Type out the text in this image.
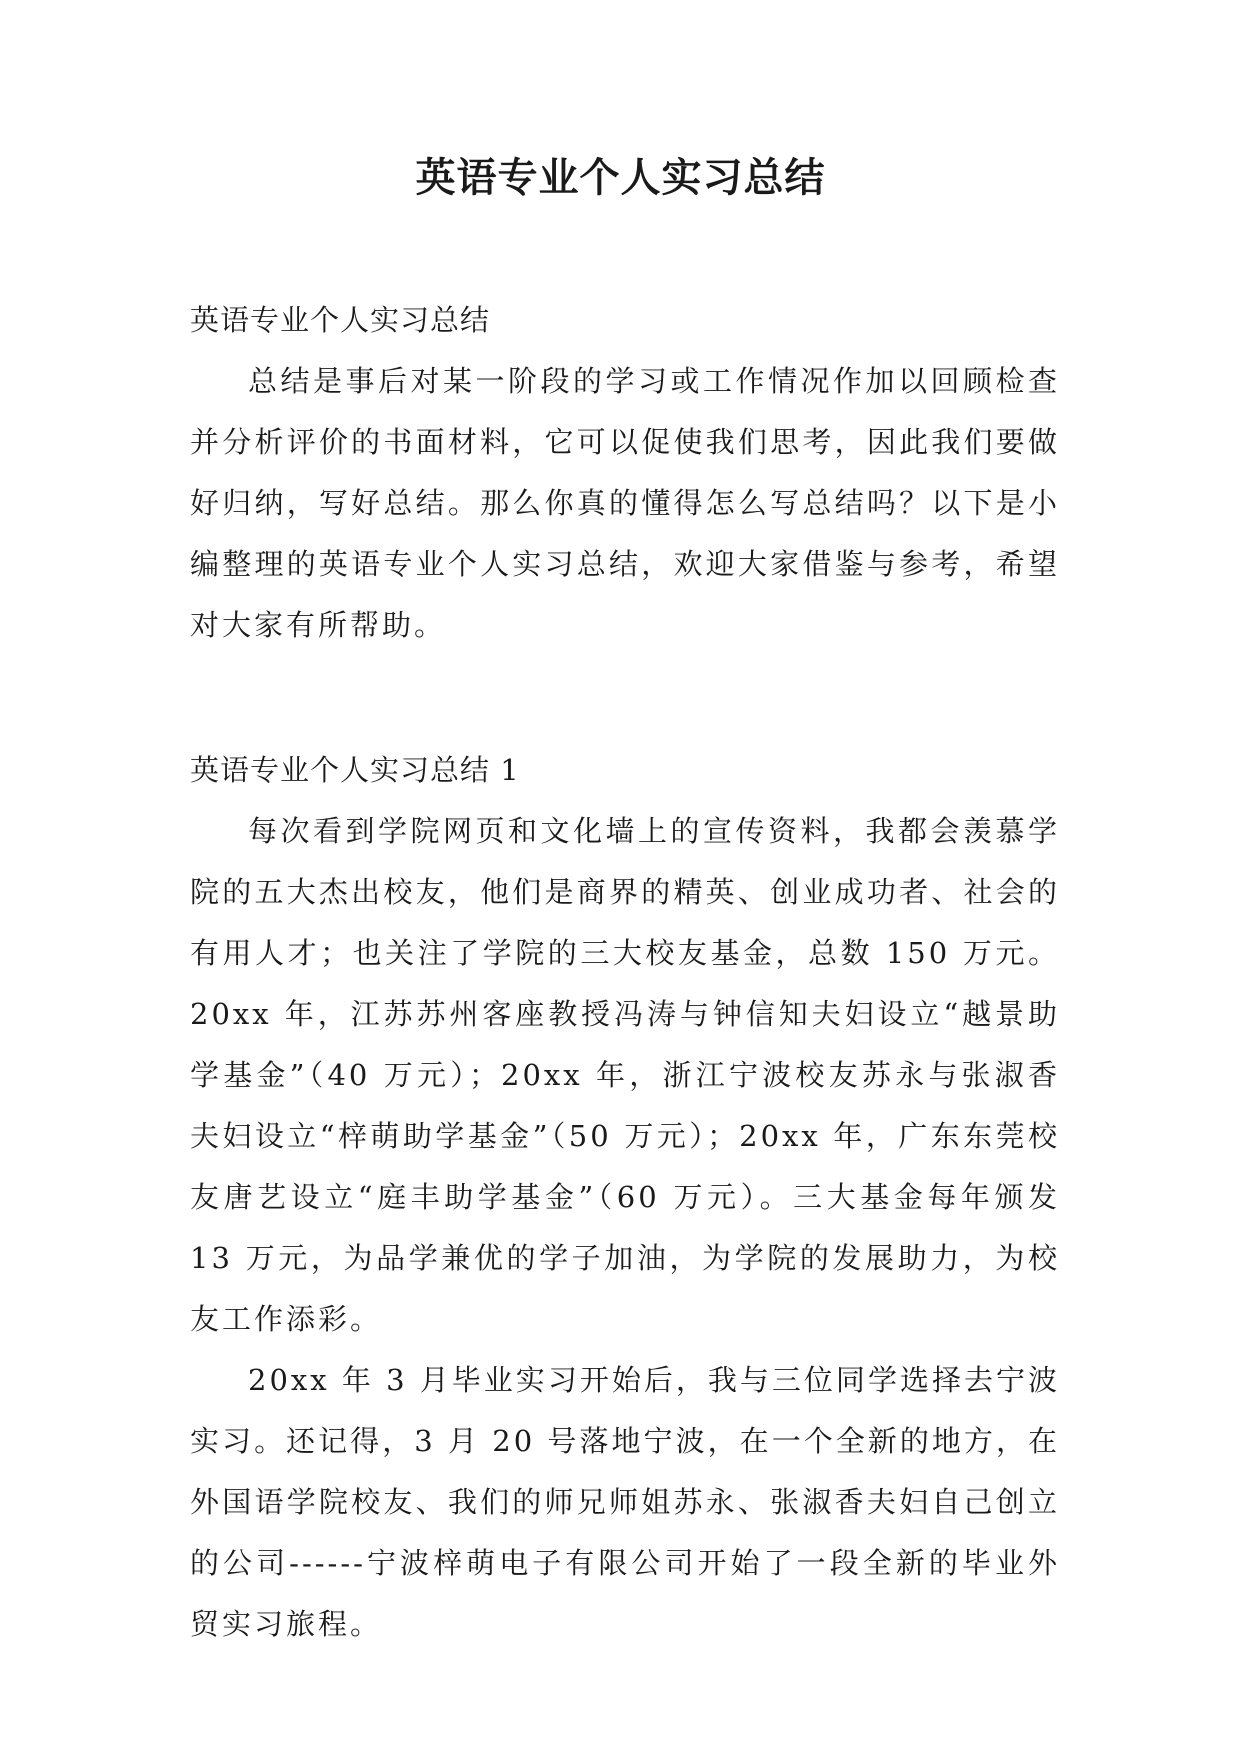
英语专业个人实习总结

英语专业个人实习总结

总结是事后对某一阶段的学习或工作情况作加以回顾检查并分析评价的书面材料，它可以促使我们思考，因此我们要做好归纳，写好总结。那么你真的懂得怎么写总结吗？以下是小编整理的英语专业个人实习总结，欢迎大家借鉴与参考，希望对大家有所帮助。

英语专业个人实习总结 1

每次看到学院网页和文化墙上的宣传资料，我都会羡慕学院的五大杰出校友，他们是商界的精英、创业成功者、社会的有用人才；也关注了学院的三大校友基金，总数 150 万元。20xx 年，江苏苏州客座教授冯涛与钟信知夫妇设立“越景助学基金”（40 万元）；20xx 年，浙江宁波校友苏永与张淑香夫妇设立“梓萌助学基金”（50 万元）；20xx 年，广东东莞校友唐艺设立“庭丰助学基金”（60 万元）。三大基金每年颁发 13 万元，为品学兼优的学子加油，为学院的发展助力，为校友工作添彩。

20xx 年 3 月毕业实习开始后，我与三位同学选择去宁波实习。还记得，3 月 20 号落地宁波，在一个全新的地方，在外国语学院校友、我们的师兄师姐苏永、张淑香夫妇自己创立的公司------宁波梓萌电子有限公司开始了一段全新的毕业外贸实习旅程。
